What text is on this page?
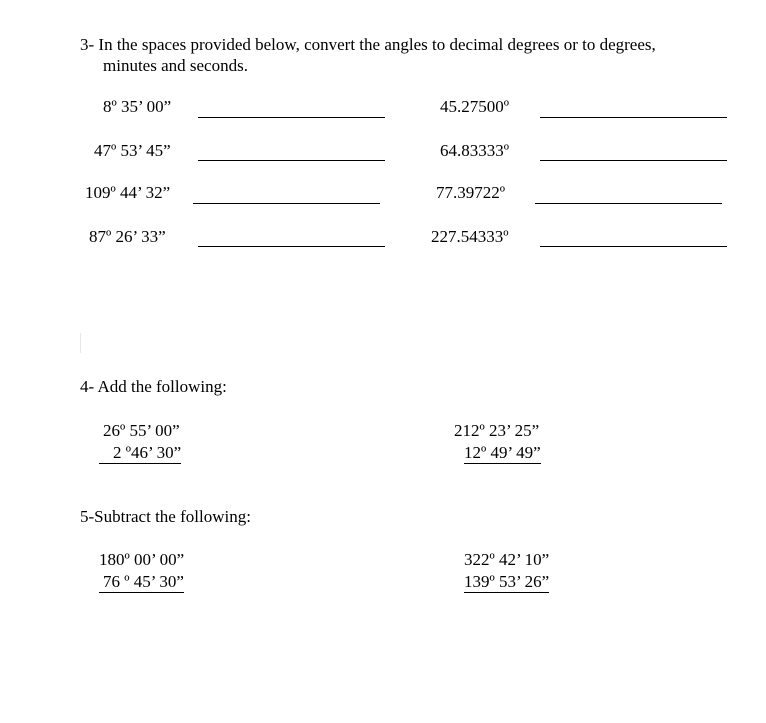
3- In the spaces provided below, convert the angles to decimal degrees or to degrees,
minutes and seconds.
8º 35’ 00”	45.27500º
47º 53’ 45”	64.83333º
109º 44’ 32”	77.39722º
87º 26’ 33”	227.54333º
4- Add the following:
26º 55’ 00”
2 º46’ 30”
212º 23’ 25”
12º 49’ 49”
5-Subtract the following:
180º 00’ 00”
76 º 45’ 30”
322º 42’ 10”
139º 53’ 26”
